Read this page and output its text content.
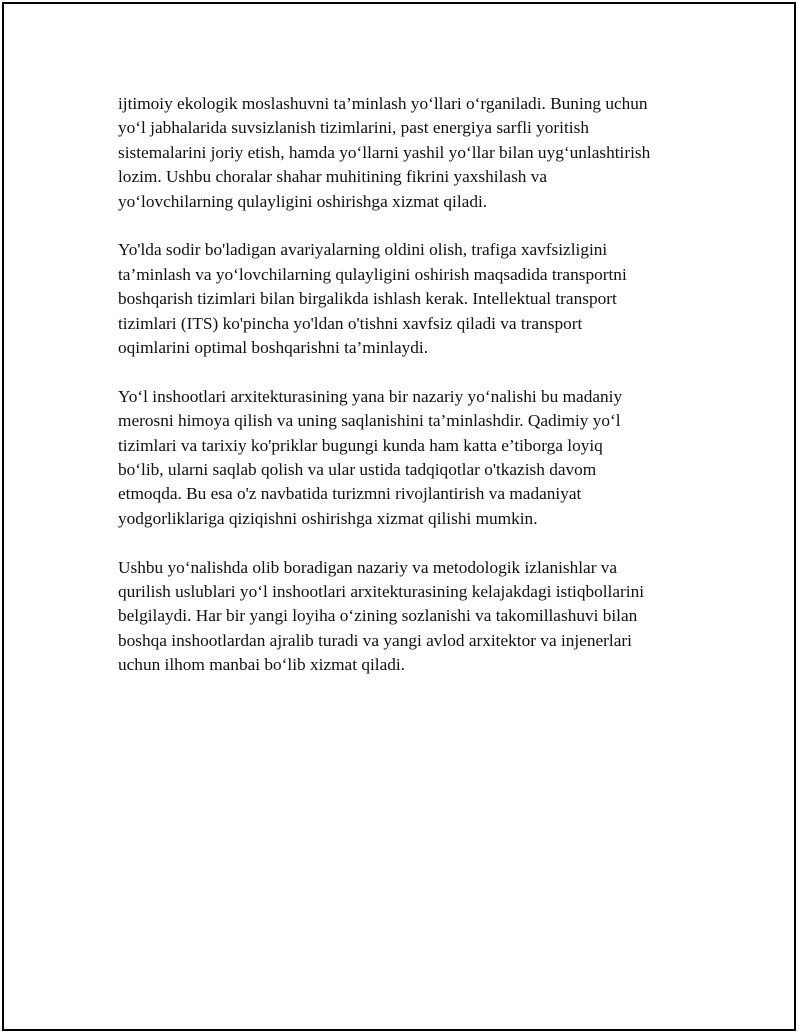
ijtimoiy ekologik moslashuvni ta’minlash yo‘llari o‘rganiladi. Buning uchun
yo‘l jabhalarida suvsizlanish tizimlarini, past energiya sarfli yoritish
sistemalarini joriy etish, hamda yo‘llarni yashil yo‘llar bilan uyg‘unlashtirish
lozim. Ushbu choralar shahar muhitining fikrini yaxshilash va
yo‘lovchilarning qulayligini oshirishga xizmat qiladi.

Yo'lda sodir bo'ladigan avariyalarning oldini olish, trafiga xavfsizligini
ta’minlash va yo‘lovchilarning qulayligini oshirish maqsadida transportni
boshqarish tizimlari bilan birgalikda ishlash kerak. Intellektual transport
tizimlari (ITS) ko'pincha yo'ldan o'tishni xavfsiz qiladi va transport
oqimlarini optimal boshqarishni ta’minlaydi.

Yo‘l inshootlari arxitekturasining yana bir nazariy yo‘nalishi bu madaniy
merosni himoya qilish va uning saqlanishini ta’minlashdir. Qadimiy yo‘l
tizimlari va tarixiy ko'priklar bugungi kunda ham katta e’tiborga loyiq
bo‘lib, ularni saqlab qolish va ular ustida tadqiqotlar o'tkazish davom
etmoqda. Bu esa o'z navbatida turizmni rivojlantirish va madaniyat
yodgorliklariga qiziqishni oshirishga xizmat qilishi mumkin.

Ushbu yo‘nalishda olib boradigan nazariy va metodologik izlanishlar va
qurilish uslublari yo‘l inshootlari arxitekturasining kelajakdagi istiqbollarini
belgilaydi. Har bir yangi loyiha o‘zining sozlanishi va takomillashuvi bilan
boshqa inshootlardan ajralib turadi va yangi avlod arxitektor va injenerlari
uchun ilhom manbai bo‘lib xizmat qiladi.
